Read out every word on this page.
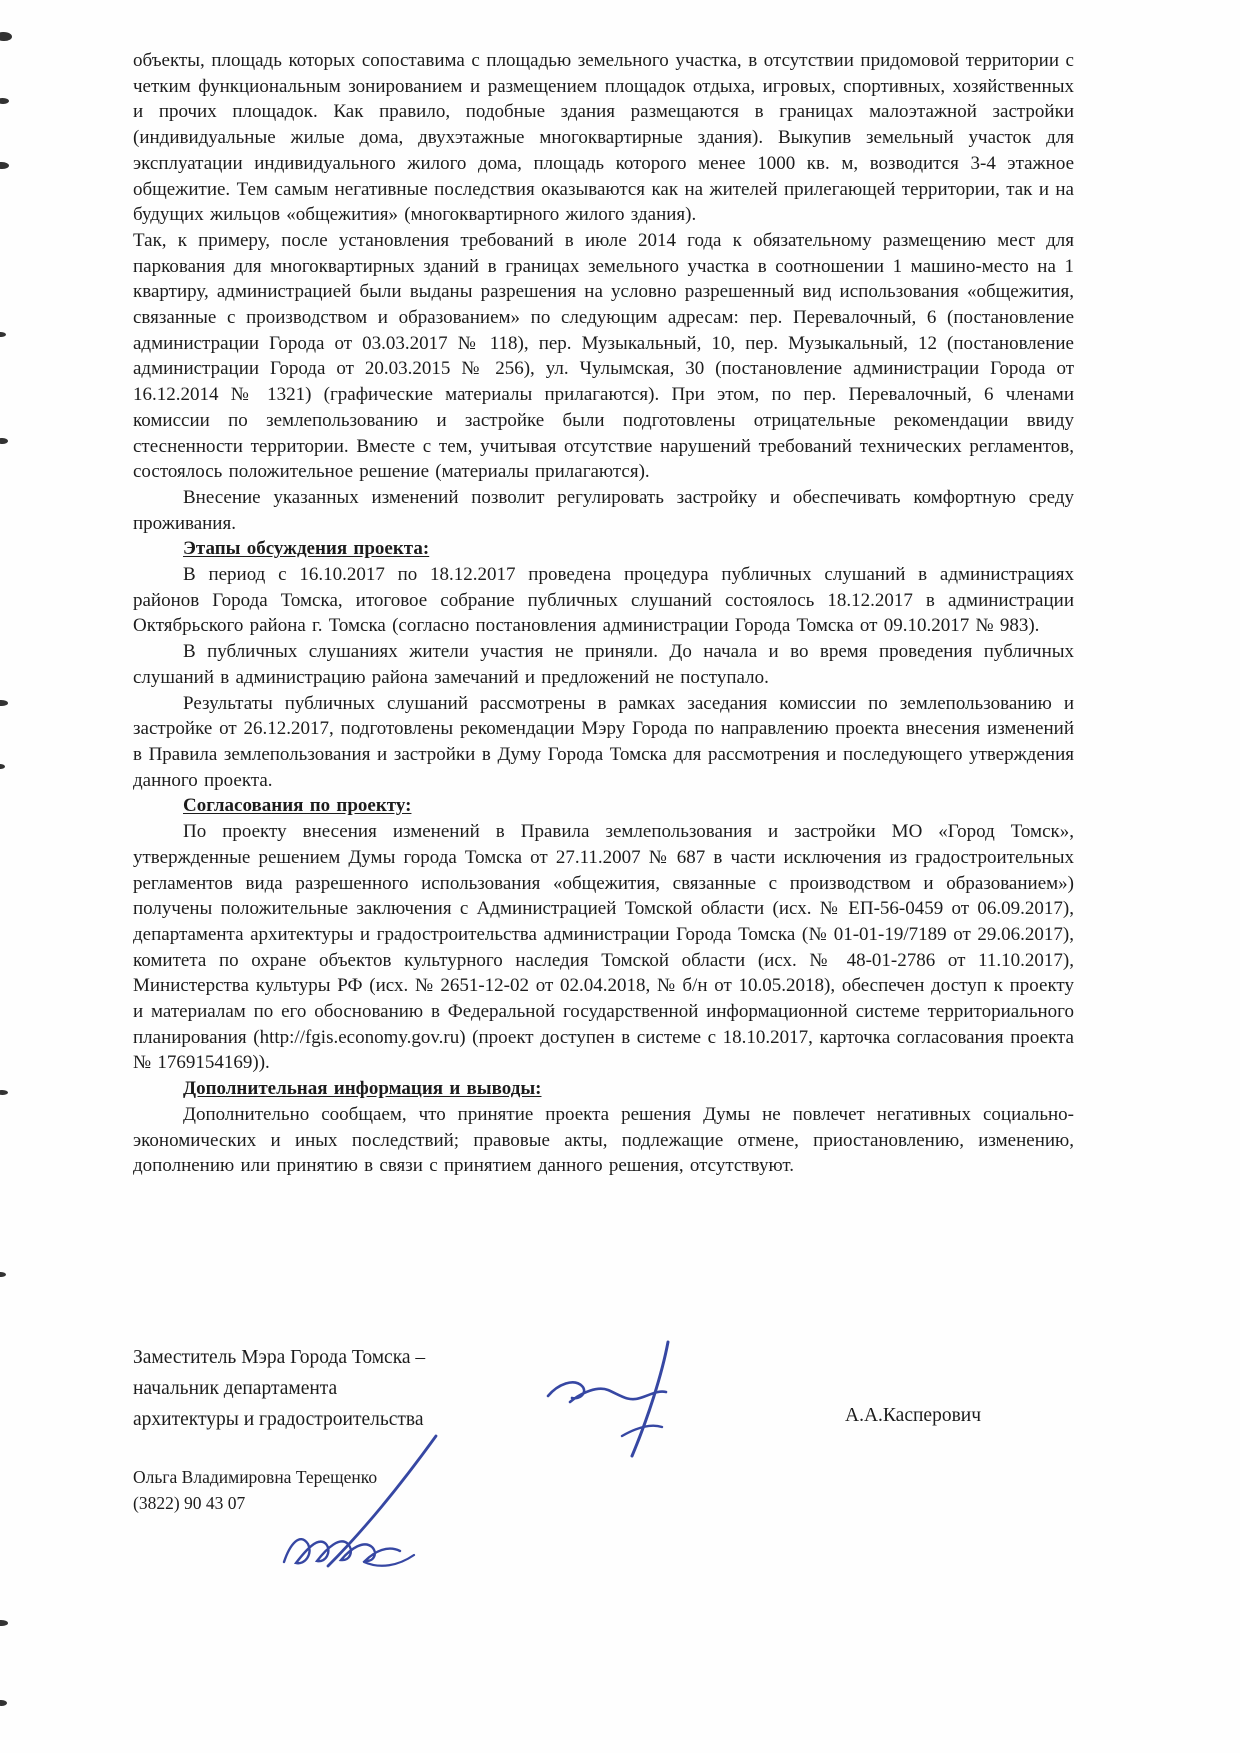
объекты, площадь которых сопоставима с площадью земельного участка, в отсутствии придомовой территории с четким функциональным зонированием и размещением площадок отдыха, игровых, спортивных, хозяйственных и прочих площадок. Как правило, подобные здания размещаются в границах малоэтажной застройки (индивидуальные жилые дома, двухэтажные многоквартирные здания). Выкупив земельный участок для эксплуатации индивидуального жилого дома, площадь которого менее 1000 кв. м, возводится 3-4 этажное общежитие. Тем самым негативные последствия оказываются как на жителей прилегающей территории, так и на будущих жильцов «общежития» (многоквартирного жилого здания).

Так, к примеру, после установления требований в июле 2014 года к обязательному размещению мест для паркования для многоквартирных зданий в границах земельного участка в соотношении 1 машино-место на 1 квартиру, администрацией были выданы разрешения на условно разрешенный вид использования «общежития, связанные с производством и образованием» по следующим адресам: пер. Перевалочный, 6 (постановление администрации Города от 03.03.2017 № 118), пер. Музыкальный, 10, пер. Музыкальный, 12 (постановление администрации Города от 20.03.2015 № 256), ул. Чулымская, 30 (постановление администрации Города от 16.12.2014 № 1321) (графические материалы прилагаются). При этом, по пер. Перевалочный, 6 членами комиссии по землепользованию и застройке были подготовлены отрицательные рекомендации ввиду стесненности территории. Вместе с тем, учитывая отсутствие нарушений требований технических регламентов, состоялось положительное решение (материалы прилагаются).

Внесение указанных изменений позволит регулировать застройку и обеспечивать комфортную среду проживания.

Этапы обсуждения проекта:

В период с 16.10.2017 по 18.12.2017 проведена процедура публичных слушаний в администрациях районов Города Томска, итоговое собрание публичных слушаний состоялось 18.12.2017 в администрации Октябрьского района г. Томска (согласно постановления администрации Города Томска от 09.10.2017 № 983).

В публичных слушаниях жители участия не приняли. До начала и во время проведения публичных слушаний в администрацию района замечаний и предложений не поступало.

Результаты публичных слушаний рассмотрены в рамках заседания комиссии по землепользованию и застройке от 26.12.2017, подготовлены рекомендации Мэру Города по направлению проекта внесения изменений в Правила землепользования и застройки в Думу Города Томска для рассмотрения и последующего утверждения данного проекта.

Согласования по проекту:

По проекту внесения изменений в Правила землепользования и застройки МО «Город Томск», утвержденные решением Думы города Томска от 27.11.2007 № 687 в части исключения из градостроительных регламентов вида разрешенного использования «общежития, связанные с производством и образованием») получены положительные заключения с Администрацией Томской области (исх. № ЕП-56-0459 от 06.09.2017), департамента архитектуры и градостроительства администрации Города Томска (№ 01-01-19/7189 от 29.06.2017), комитета по охране объектов культурного наследия Томской области (исх. № 48-01-2786 от 11.10.2017), Министерства культуры РФ (исх. № 2651-12-02 от 02.04.2018, № б/н от 10.05.2018), обеспечен доступ к проекту и материалам по его обоснованию в Федеральной государственной информационной системе территориального планирования (http://fgis.economy.gov.ru) (проект доступен в системе с 18.10.2017, карточка согласования проекта № 1769154169)).

Дополнительная информация и выводы:

Дополнительно сообщаем, что принятие проекта решения Думы не повлечет негативных социально-экономических и иных последствий; правовые акты, подлежащие отмене, приостановлению, изменению, дополнению или принятию в связи с принятием данного решения, отсутствуют.

Заместитель Мэра Города Томска –
начальник департамента
архитектуры и градостроительства	А.А.Касперович
Ольга Владимировна Терещенко
(3822) 90 43 07
